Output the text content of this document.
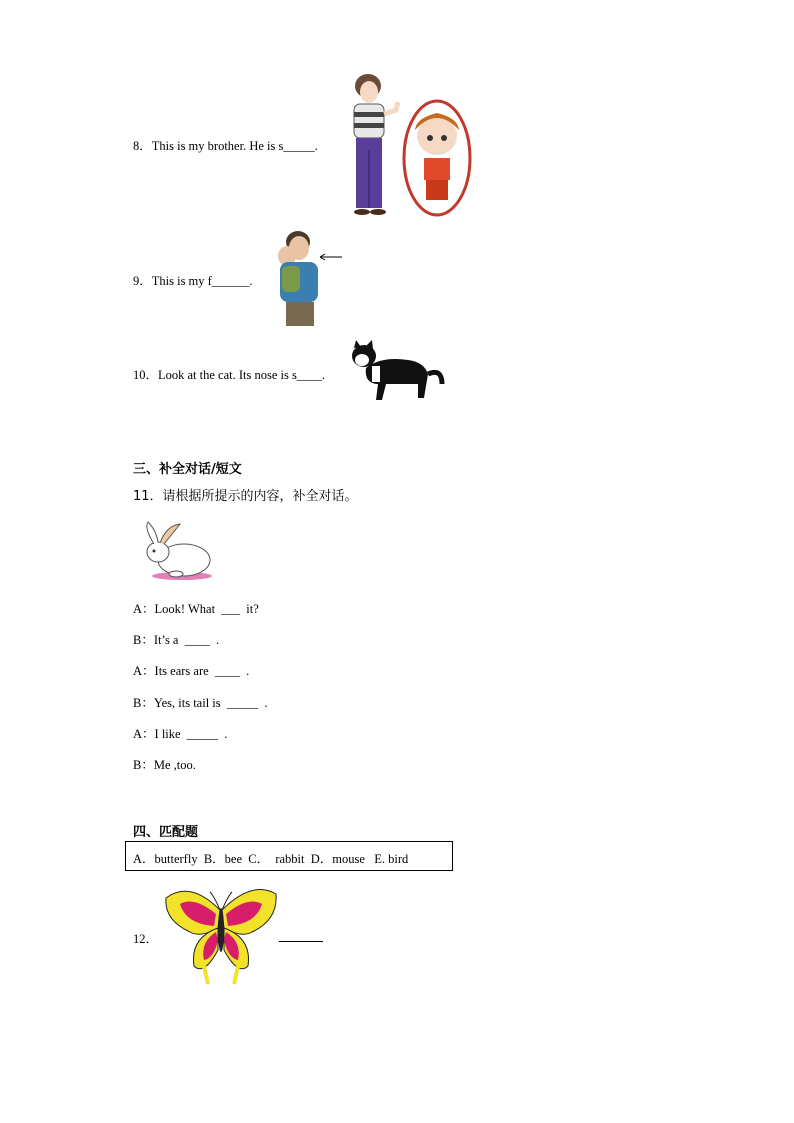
8．This is my brother. He is s_____.
9．This is my f______.
10．Look at the cat. Its nose is s____.
三、补全对话/短文
11．请根据所提示的内容，补全对话。
A：Look! What  ___  it?
B：It’s a  ____  .
A：Its ears are  ____  .
B：Yes, its tail is  _____  .
A：I like  _____  .
B：Me ,too.
四、匹配题
A．butterfly  B．bee  C．  rabbit  D．mouse   E. bird
12．
